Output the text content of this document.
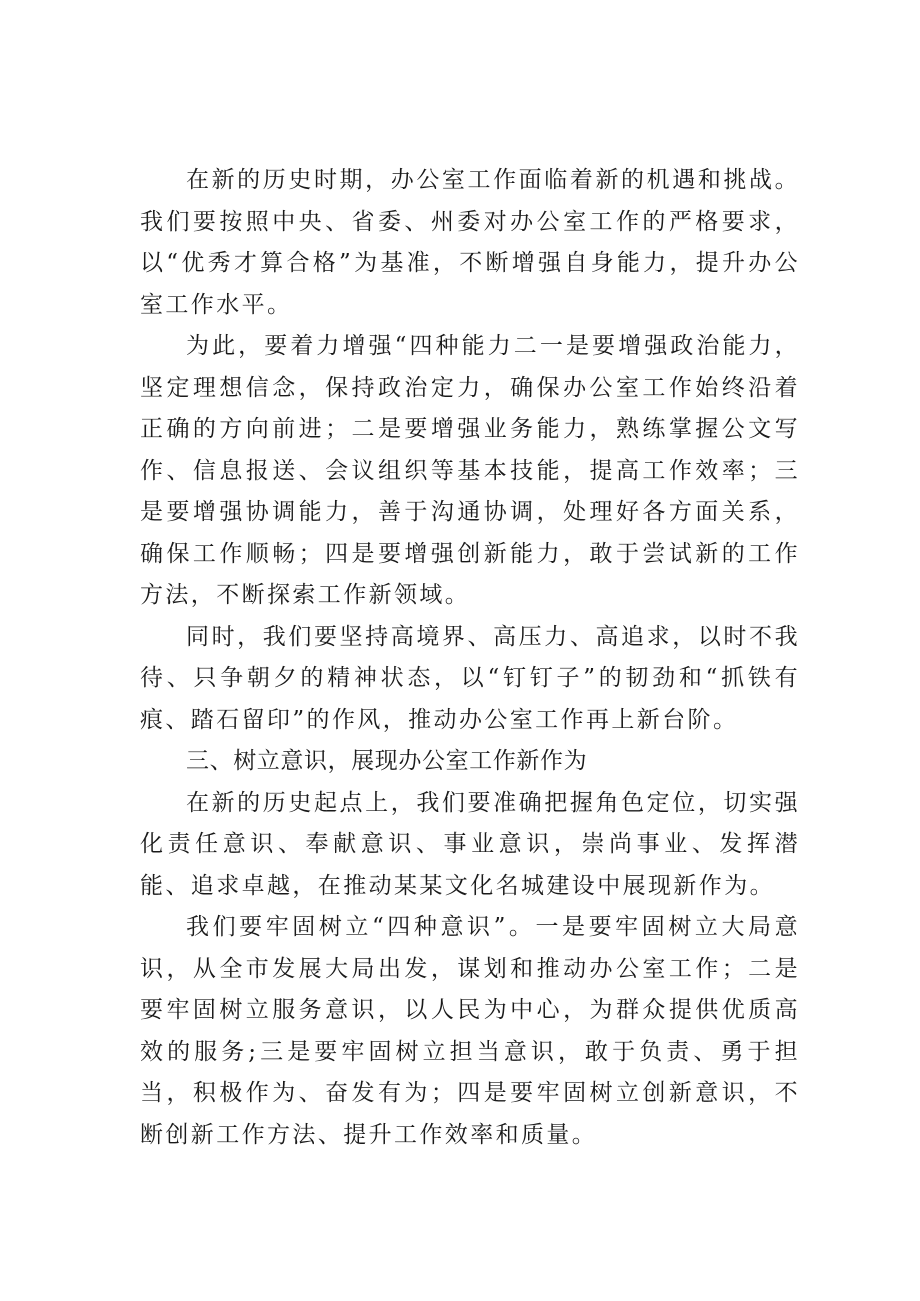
在新的历史时期，办公室工作面临着新的机遇和挑战。我们要按照中央、省委、州委对办公室工作的严格要求，以“优秀才算合格”为基准，不断增强自身能力，提升办公室工作水平。

为此，要着力增强“四种能力二一是要增强政治能力，坚定理想信念，保持政治定力，确保办公室工作始终沿着正确的方向前进；二是要增强业务能力，熟练掌握公文写作、信息报送、会议组织等基本技能，提高工作效率；三是要增强协调能力，善于沟通协调，处理好各方面关系，确保工作顺畅；四是要增强创新能力，敢于尝试新的工作方法，不断探索工作新领域。

同时，我们要坚持高境界、高压力、高追求，以时不我待、只争朝夕的精神状态，以“钉钉子”的韧劲和“抓铁有痕、踏石留印”的作风，推动办公室工作再上新台阶。

三、树立意识，展现办公室工作新作为

在新的历史起点上，我们要准确把握角色定位，切实强化责任意识、奉献意识、事业意识，崇尚事业、发挥潜能、追求卓越，在推动某某文化名城建设中展现新作为。

我们要牢固树立“四种意识”。一是要牢固树立大局意识，从全市发展大局出发，谋划和推动办公室工作；二是要牢固树立服务意识，以人民为中心，为群众提供优质高效的服务;三是要牢固树立担当意识，敢于负责、勇于担当，积极作为、奋发有为；四是要牢固树立创新意识，不断创新工作方法、提升工作效率和质量。
